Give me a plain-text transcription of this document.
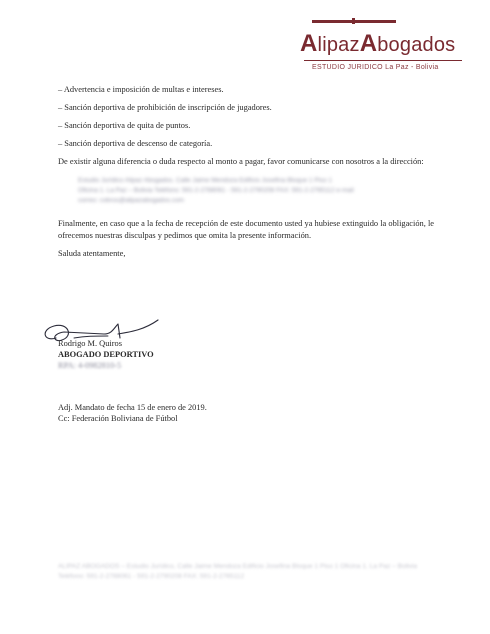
AlipazAbogados
ESTUDIO JURIDICO La Paz - Bolivia
– Advertencia e imposición de multas e intereses.
– Sanción deportiva de prohibición de inscripción de jugadores.
– Sanción deportiva de quita de puntos.
– Sanción deportiva de descenso de categoría.
De existir alguna diferencia o duda respecto al monto a pagar, favor comunicarse con nosotros a la dirección:
Estudio Jurídico Alipaz Abogados. Calle Jaime Mendoza Edificio Josefina Bloque 1 Piso 1
Oficina 1. La Paz – Bolivia Teléfono: 591-2-2788061 - 591-2-2790208 FAX: 591-2-2765112 e-mail
correo: cobros@alipazabogados.com
Finalmente, en caso que a la fecha de recepción de este documento usted ya hubiese extinguido la obligación, le ofrecemos nuestras disculpas y pedimos que omita la presente información.
Saluda atentamente,
Rodrigo M. Quiros
ABOGADO DEPORTIVO
RPA: 4-0982810-5
Adj. Mandato de fecha 15 de enero de 2019.
Cc: Federación Boliviana de Fútbol
ALIPAZ ABOGADOS – Estudio Jurídico, Calle Jaime Mendoza Edificio Josefina Bloque 1 Piso 1 Oficina 1. La Paz – Bolivia Teléfono: 591-2-2788061 - 591-2-2790208 FAX: 591-2-2765112
